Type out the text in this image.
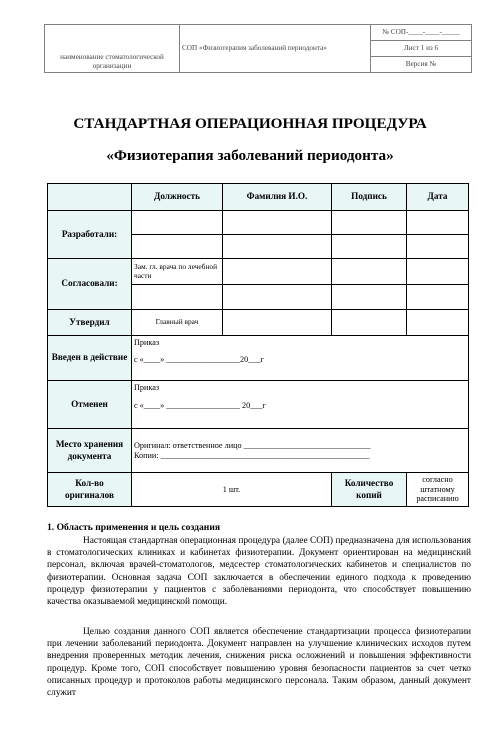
наименование стоматологической организации	СОП «Физиотерапия заболеваний периодонта»	№ СОП-____-____-_____
Лист 1 из 6
Версия №
СТАНДАРТНАЯ ОПЕРАЦИОННАЯ ПРОЦЕДУРА
«Физиотерапия заболеваний периодонта»
	Должность	Фамилия И.О.	Подпись	Дата
Разработали:				

Согласовали:	Зам. гл. врача по лечебной части			

Утвердил	Главный врач			
Введен в действие	Приказ
с «____» __________________20___г			

Отменен	Приказ
с «____» __________________ 20___г			

Место хранения документа	Оригинал: ответственное лицо _______________________________
Копии: ___________________________________________________			

Кол-во оригиналов	1 шт.		Количество копий	согласно штатному расписанию
1. Область применения и цель создания
Настоящая стандартная операционная процедура (далее СОП) предназначена для использования в стоматологических клиниках и кабинетах физиотерапии. Документ ориентирован на медицинский персонал, включая врачей-стоматологов, медсестер стоматологических кабинетов и специалистов по физиотерапии. Основная задача СОП заключается в обеспечении единого подхода к проведению процедур физиотерапии у пациентов с заболеваниями периодонта, что способствует повышению качества оказываемой медицинской помощи.
Целью создания данного СОП является обеспечение стандартизации процесса физиотерапии при лечении заболеваний периодонта. Документ направлен на улучшение клинических исходов путем внедрения проверенных методик лечения, снижения риска осложнений и повышения эффективности процедур. Кроме того, СОП способствует повышению уровня безопасности пациентов за счет четко описанных процедур и протоколов работы медицинского персонала. Таким образом, данный документ служит
